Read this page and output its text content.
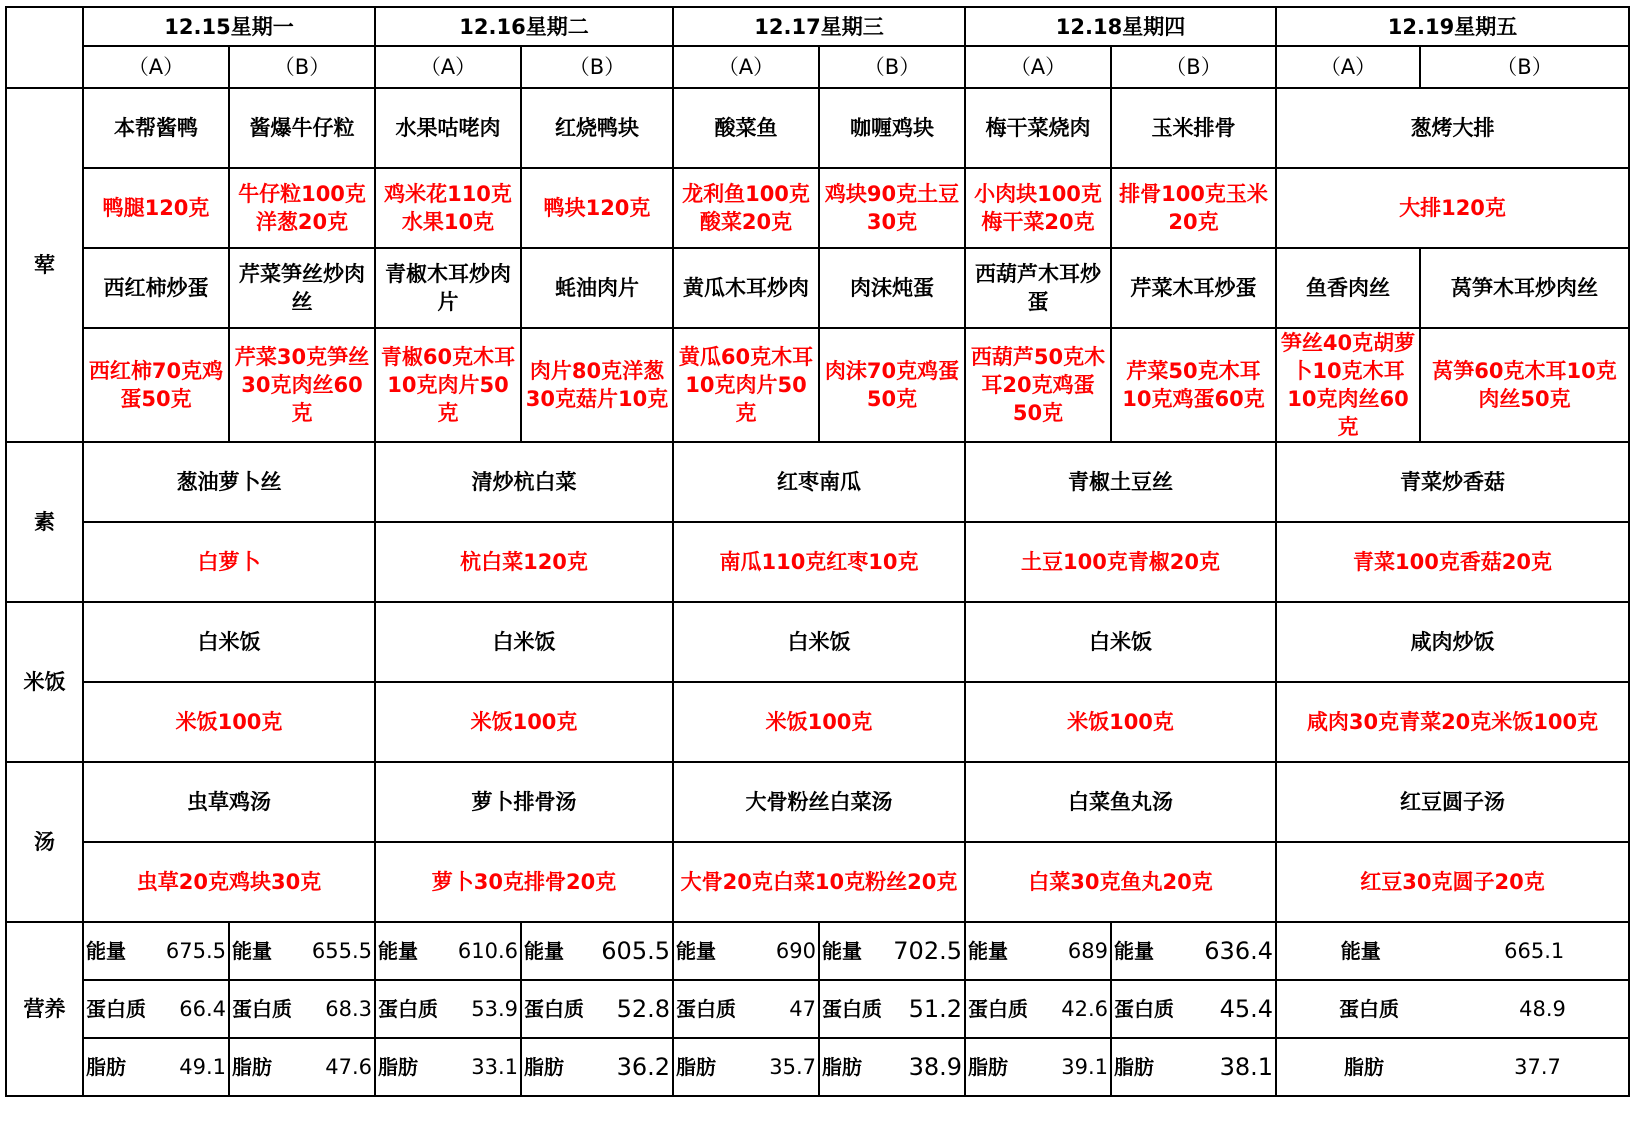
	12.15星期一		12.16星期二		12.17星期三		12.18星期四		12.19星期五	
	（A）	（B）	（A）	（B）	（A）	（B）	（A）	（B）	（A）	（B）
荤	本帮酱鸭	酱爆牛仔粒	水果咕咾肉	红烧鸭块	酸菜鱼	咖喱鸡块	梅干菜烧肉	玉米排骨	葱烤大排	
	鸭腿120克	牛仔粒100克洋葱20克	鸡米花110克水果10克	鸭块120克	龙利鱼100克酸菜20克	鸡块90克土豆30克	小肉块100克梅干菜20克	排骨100克玉米20克	大排120克	
	西红柿炒蛋	芹菜笋丝炒肉丝	青椒木耳炒肉片	蚝油肉片	黄瓜木耳炒肉	肉沫炖蛋	西葫芦木耳炒蛋	芹菜木耳炒蛋	鱼香肉丝	莴笋木耳炒肉丝
	西红柿70克鸡蛋50克	芹菜30克笋丝30克肉丝60克	青椒60克木耳10克肉片50克	肉片80克洋葱30克菇片10克	黄瓜60克木耳10克肉片50克	肉沫70克鸡蛋50克	西葫芦50克木耳20克鸡蛋50克	芹菜50克木耳10克鸡蛋60克	笋丝40克胡萝卜10克木耳10克肉丝60克	莴笋60克木耳10克肉丝50克
素	葱油萝卜丝		清炒杭白菜		红枣南瓜		青椒土豆丝		青菜炒香菇	
	白萝卜		杭白菜120克		南瓜110克红枣10克		土豆100克青椒20克		青菜100克香菇20克	
米饭	白米饭		白米饭		白米饭		白米饭		咸肉炒饭	
	米饭100克		米饭100克		米饭100克		米饭100克		咸肉30克青菜20克米饭100克	
汤	虫草鸡汤		萝卜排骨汤		大骨粉丝白菜汤		白菜鱼丸汤		红豆圆子汤	
	虫草20克鸡块30克		萝卜30克排骨20克		大骨20克白菜10克粉丝20克		白菜30克鱼丸20克		红豆30克圆子20克	
营养	能量 675.5	能量 655.5	能量 610.6	能量 605.5	能量 690	能量 702.5	能量 689	能量 636.4	能量 665.1	

	蛋白质 66.4	蛋白质 68.3	蛋白质 53.9	蛋白质 52.8	蛋白质 47	蛋白质 51.2	蛋白质 42.6	蛋白质 45.4	蛋白质 48.9	

	脂肪 49.1	脂肪 47.6	脂肪 33.1	脂肪 36.2	脂肪 35.7	脂肪 38.9	脂肪 39.1	脂肪 38.1	脂肪 37.7	
